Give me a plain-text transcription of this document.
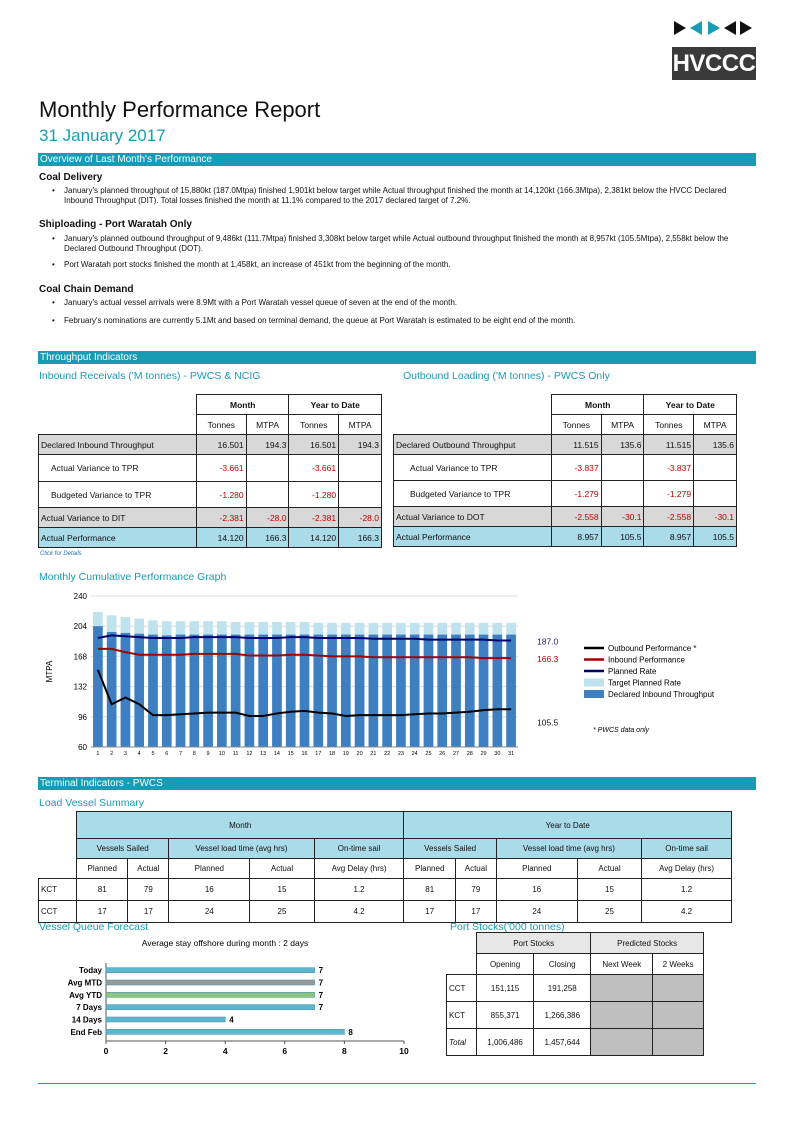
HVCCC
Monthly Performance Report
31 January 2017
Overview of Last Month's Performance
Coal Delivery
• January's planned throughput of 15,880kt (187.0Mtpa) finished 1,901kt below target while Actual throughput finished the month at 14,120kt (166.3Mtpa), 2,381kt below the HVCC Declared Inbound Throughput (DIT). Total losses finished the month at 11.1% compared to the 2017 declared target of 7.2%.
Shiploading - Port Waratah Only
• January's planned outbound throughput of 9,486kt (111.7Mtpa) finished 3,308kt below target while Actual outbound throughput finished the month at 8,957kt (105.5Mtpa), 2,558kt below the Declared Outbound Throughput (DOT).
• Port Waratah port stocks finished the month at 1,458kt, an increase of 451kt from the beginning of the month.
Coal Chain Demand
• January's actual vessel arrivals were 8.9Mt with a Port Waratah vessel queue of seven at the end of the month.
• February's nominations are currently 5.1Mt and based on terminal demand, the queue at Port Waratah is estimated to be eight end of the month.
Throughput Indicators
Inbound Receivals ('M tonnes) - PWCS & NCIG	Outbound Loading ('M tonnes) - PWCS Only
	Month		Year to Date	
	Tonnes	MTPA	Tonnes	MTPA
Declared Inbound Throughput	16.501	194.3	16.501	194.3
Actual Variance to TPR	-3.661		-3.661	
Budgeted Variance to TPR	-1.280		-1.280	
Actual Variance to DIT	-2.381	-28.0	-2.381	-28.0
Actual Performance	14.120	166.3	14.120	166.3
Click for Details
	Month		Year to Date	
	Tonnes	MTPA	Tonnes	MTPA
Declared Outbound Throughput	11.515	135.6	11.515	135.6
Actual Variance to TPR	-3.837		-3.837	
Budgeted Variance to TPR	-1.279		-1.279	
Actual Variance to DOT	-2.558	-30.1	-2.558	-30.1
Actual Performance	8.957	105.5	8.957	105.5
Monthly Cumulative Performance Graph
60
96
132
168
204
240
MTPA
1 2 3 4 5 6 7 8 9 10 11 12 13 14 15 16 17 18 19 20 21 22 23 24 25 26 27 28 29 30 31
187.0
166.3
105.5
Outbound Performance *
Inbound Performance
Planned Rate
Target Planned Rate
Declared Inbound Throughput
* PWCS data only
Terminal Indicators - PWCS
Load Vessel Summary
	Month					Year to Date				
	Vessels Sailed		Vessel load time (avg hrs)		On-time sail	Vessels Sailed		Vessel load time (avg hrs)		On-time sail
	Planned	Actual	Planned	Actual	Avg Delay (hrs)	Planned	Actual	Planned	Actual	Avg Delay (hrs)
KCT	81	79	16	15	1.2	81	79	16	15	1.2
CCT	17	17	24	25	4.2	17	17	24	25	4.2
Vessel Queue Forecast	Port Stocks('000 tonnes)
Average stay offshore during month : 2 days
0	2	4	6	8	10
Today	7
Avg MTD	7
Avg YTD	7
7 Days	7
14 Days	4
End Feb	8
	Port Stocks		Predicted Stocks	
	Opening	Closing	Next Week	2 Weeks
CCT	151,115	191,258		
KCT	855,371	1,266,386		
Total	1,006,486	1,457,644		
